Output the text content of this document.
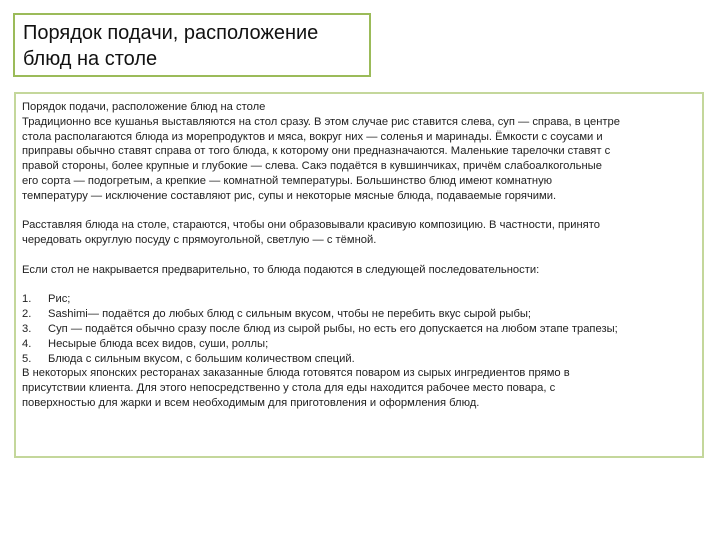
Порядок подачи, расположение
блюд на столе
Порядок подачи, расположение блюд на столе
Традиционно все кушанья выставляются на стол сразу. В этом случае рис ставится слева, суп — справа, в центре
стола располагаются блюда из морепродуктов и мяса, вокруг них — соленья и маринады. Ёмкости с соусами и
приправы обычно ставят справа от того блюда, к которому они предназначаются. Маленькие тарелочки ставят с
правой стороны, более крупные и глубокие — слева. Сакэ подаётся в кувшинчиках, причём слабоалкогольные
его сорта — подогретым, а крепкие — комнатной температуры. Большинство блюд имеют комнатную
температуру — исключение составляют рис, супы и некоторые мясные блюда, подаваемые горячими.
Расставляя блюда на столе, стараются, чтобы они образовывали красивую композицию. В частности, принято
чередовать округлую посуду с прямоугольной, светлую — с тёмной.
Если стол не накрывается предварительно, то блюда подаются в следующей последовательности:
1.	Рис;
2.	Sashimi— подаётся до любых блюд с сильным вкусом, чтобы не перебить вкус сырой рыбы;
3.	Суп — подаётся обычно сразу после блюд из сырой рыбы, но есть его допускается на любом этапе трапезы;
4.	Несырые блюда всех видов, суши, роллы;
5.	Блюда с сильным вкусом, с большим количеством специй.
В некоторых японских ресторанах заказанные блюда готовятся поваром из сырых ингредиентов прямо в
присутствии клиента. Для этого непосредственно у стола для еды находится рабочее место повара, с
поверхностью для жарки и всем необходимым для приготовления и оформления блюд.
